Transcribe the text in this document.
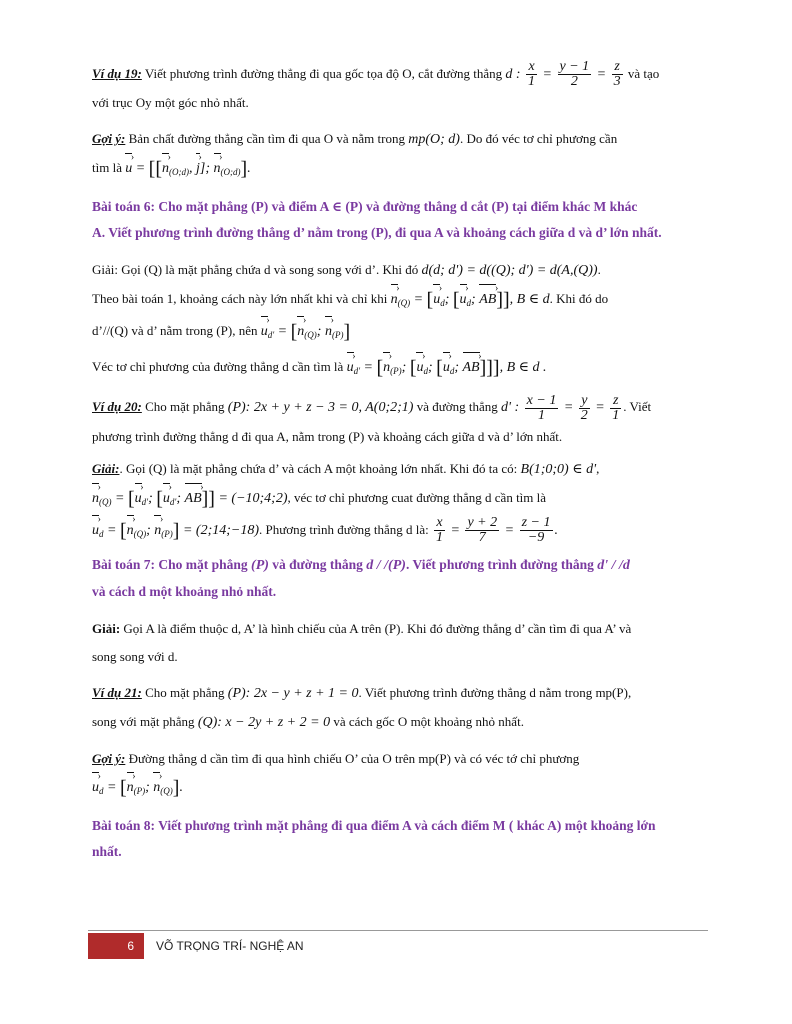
Ví dụ 19: Viết phương trình đường thẳng đi qua gốc tọa độ O, cắt đường thẳng d : $\frac{x}{1} = \frac{y - 1}{2} = \frac{z}{3}$ và tạo
với trục Oy một góc nhỏ nhất.

Gợi ý: Bản chất đường thẳng cần tìm đi qua O và nằm trong mp(O; d). Do đó véc tơ chỉ phương cần
tìm là u › = [[n $›_{(O;d)}$, j ›]; n $›_{(O;d)}$].

Bài toán 6: Cho mặt phẳng (P) và điểm A ∈ (P) và đường thẳng d cắt (P) tại điểm khác M khác
A. Viết phương trình đường thẳng d’ nằm trong (P), đi qua A và khoảng cách giữa d và d’ lớn nhất.

Giải: Gọi (Q) là mặt phẳng chứa d và song song với d’. Khi đó d(d; d') = d((Q); d') = d(A,(Q)).
Theo bài toán 1, khoảng cách này lớn nhất khi và chỉ khi n $›_{(Q)} = [u$ $›_d$; [u $›_d$; AB ›]], B ∈ d. Khi đó do
d’//(Q) và d’ nằm trong (P), nên u $›_{d'} = [n$ $›_{(Q)}$; n $›_{(P)}$]

Véc tơ chỉ phương của đường thẳng d cần tìm là u $›_{d'} = [n$ $›_{(P)}$; [u $›_d$; [u $›_d$; AB ›]]], B ∈ d .

Ví dụ 20: Cho mặt phẳng (P): 2x + y + z − 3 = 0, A(0;2;1) và đường thẳng d' : $\frac{x - 1}{1} = \frac{y}{2} = \frac{z}{1}$ . Viết
phương trình đường thẳng d đi qua A, nằm trong (P) và khoảng cách giữa d và d’ lớn nhất.

Giải:. Gọi (Q) là mặt phẳng chứa d’ và cách A một khoảng lớn nhất. Khi đó ta có: B(1;0;0) ∈ d',
n $›_{(Q)} = [u$ $›_{d'}$; [u $›_{d'}$; AB ›]] = (−10;4;2), véc tơ chỉ phương cuat đường thẳng d cần tìm là
u $›_d = [n$ $›_{(Q)}$; n $›_{(P)}$] = (2;14;−18). Phương trình đường thẳng d là: $\frac{x}{1} = \frac{y + 2}{7} = \frac{z - 1}{-9}$ .

Bài toán 7: Cho mặt phẳng (P) và đường thẳng d / /(P). Viết phương trình đường thẳng d' / /d
và cách d một khoảng nhỏ nhất.

Giải: Gọi A là điểm thuộc d, A’ là hình chiếu của A trên (P). Khi đó đường thẳng d’ cần tìm đi qua A’ và
song song với d.

Ví dụ 21: Cho mặt phẳng (P): 2x − y + z + 1 = 0. Viết phương trình đường thẳng d nằm trong mp(P),
song với mặt phẳng (Q): x − 2y + z + 2 = 0 và cách gốc O một khoảng nhỏ nhất.

Gợi ý: Đường thẳng d cần tìm đi qua hình chiếu O’ của O trên mp(P) và có véc tớ chỉ phương
u $›_d = [n$ $›_{(P)}$; n $›_{(Q)}$].

Bài toán 8: Viết phương trình mặt phẳng đi qua điểm A và cách điểm M ( khác A) một khoảng lớn
nhất.
6	VÕ TRỌNG TRÍ- NGHỆ AN
